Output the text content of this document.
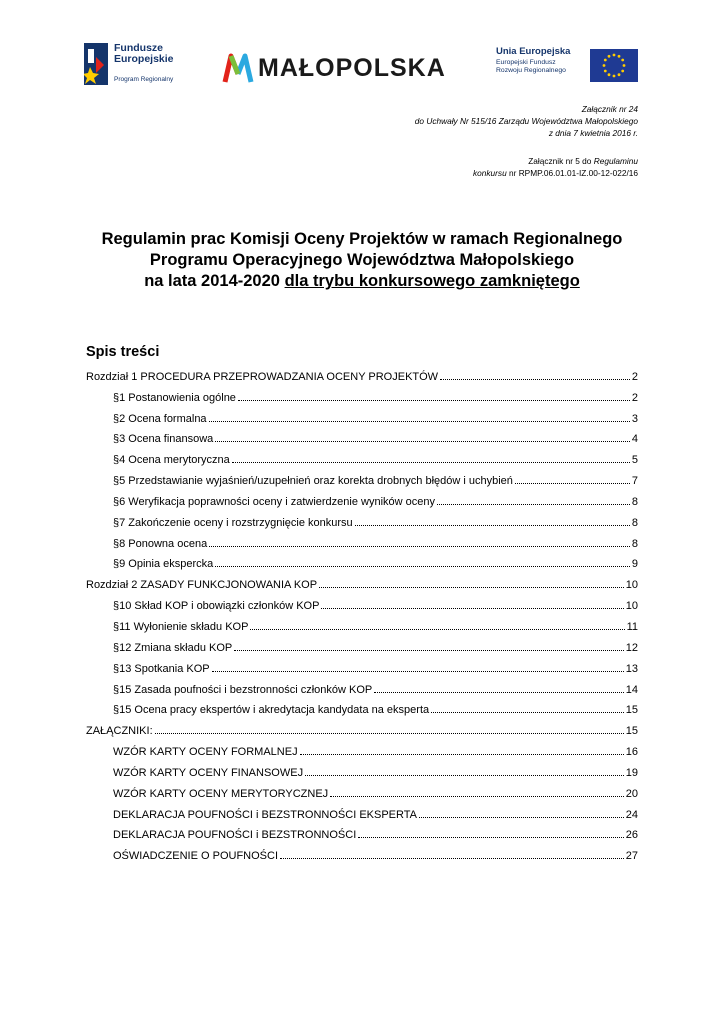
Fundusze
Europejskie
Program Regionalny	MAŁOPOLSKA
Unia Europejska
Europejski Fundusz
Rozwoju Regionalnego
Załącznik nr 24
do Uchwały Nr 515/16 Zarządu Województwa Małopolskiego
z dnia 7 kwietnia 2016 r.
Załącznik nr 5 do Regulaminu
konkursu nr RPMP.06.01.01-IZ.00-12-022/16
Regulamin prac Komisji Oceny Projektów w ramach Regionalnego
Programu Operacyjnego Województwa Małopolskiego
na lata 2014-2020 dla trybu konkursowego zamkniętego
Spis treści
Rozdział 1 PROCEDURA PRZEPROWADZANIA OCENY PROJEKTÓW	2
§1 Postanowienia ogólne	2
§2 Ocena formalna	3
§3 Ocena finansowa	4
§4 Ocena merytoryczna	5
§5 Przedstawianie wyjaśnień/uzupełnień oraz korekta drobnych błędów i uchybień	7
§6 Weryfikacja poprawności oceny i zatwierdzenie wyników oceny	8
§7 Zakończenie oceny i rozstrzygnięcie konkursu	8
§8 Ponowna ocena	8
§9 Opinia ekspercka	9
Rozdział 2 ZASADY FUNKCJONOWANIA KOP	10
§10 Skład KOP i obowiązki członków KOP	10
§11 Wyłonienie składu KOP	11
§12 Zmiana składu KOP	12
§13 Spotkania KOP	13
§15 Zasada poufności i bezstronności członków KOP	14
§15 Ocena pracy ekspertów i akredytacja kandydata na eksperta	15
ZAŁĄCZNIKI:	15
WZÓR KARTY OCENY FORMALNEJ	16
WZÓR KARTY OCENY FINANSOWEJ	19
WZÓR KARTY OCENY MERYTORYCZNEJ	20
DEKLARACJA POUFNOŚCI i BEZSTRONNOŚCI EKSPERTA	24
DEKLARACJA POUFNOŚCI i BEZSTRONNOŚCI	26
OŚWIADCZENIE O POUFNOŚCI	27
